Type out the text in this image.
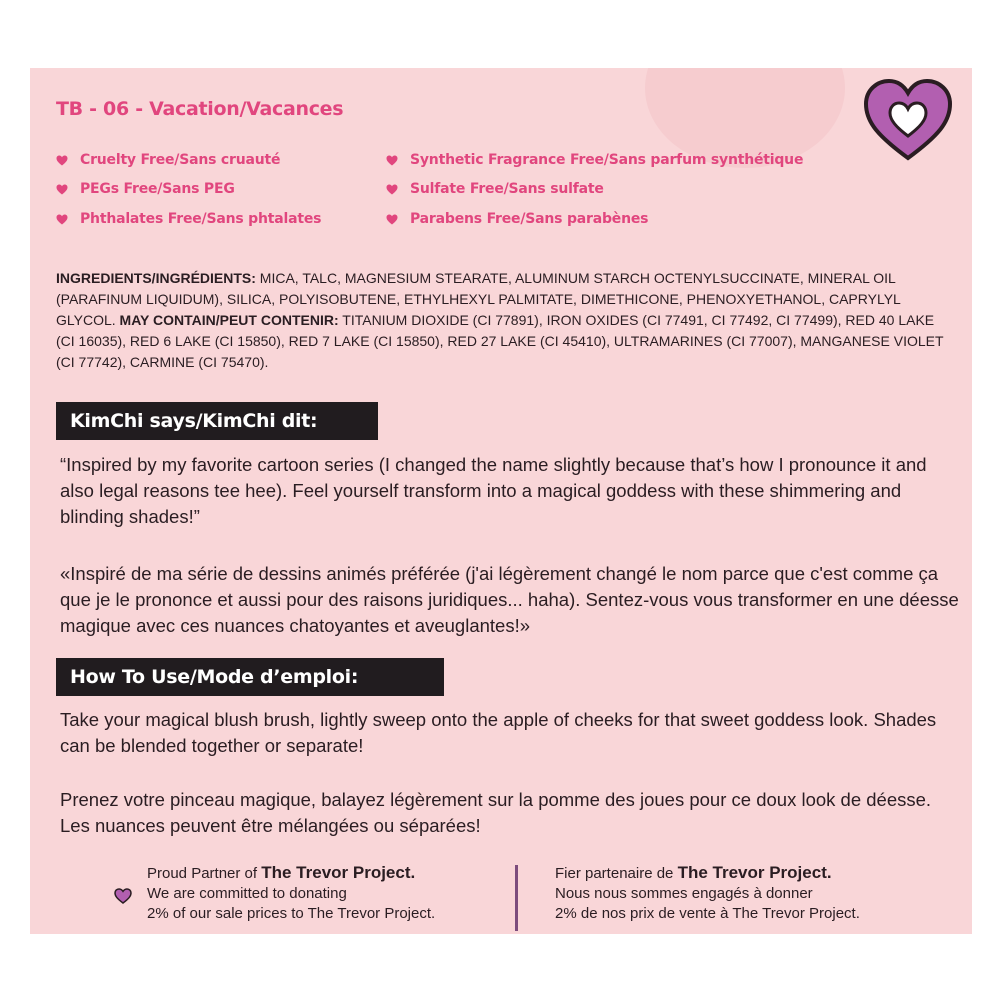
TB - 06 - Vacation/Vacances
Cruelty Free/Sans cruauté
PEGs Free/Sans PEG
Phthalates Free/Sans phtalates
Synthetic Fragrance Free/Sans parfum synthétique
Sulfate Free/Sans sulfate
Parabens Free/Sans parabènes

INGREDIENTS/INGRÉDIENTS: MICA, TALC, MAGNESIUM STEARATE, ALUMINUM STARCH OCTENYLSUCCINATE, MINERAL OIL (PARAFINUM LIQUIDUM), SILICA, POLYISOBUTENE, ETHYLHEXYL PALMITATE, DIMETHICONE, PHENOXYETHANOL, CAPRYLYL GLYCOL. MAY CONTAIN/PEUT CONTENIR: TITANIUM DIOXIDE (CI 77891), IRON OXIDES (CI 77491, CI 77492, CI 77499), RED 40 LAKE (CI 16035), RED 6 LAKE (CI 15850), RED 7 LAKE (CI 15850), RED 27 LAKE (CI 45410), ULTRAMARINES (CI 77007), MANGANESE VIOLET (CI 77742), CARMINE (CI 75470).

KimChi says/KimChi dit:

“Inspired by my favorite cartoon series (I changed the name slightly because that’s how I pronounce it and also legal reasons tee hee). Feel yourself transform into a magical goddess with these shimmering and blinding shades!”

«Inspiré de ma série de dessins animés préférée (j'ai légèrement changé le nom parce que c'est comme ça que je le prononce et aussi pour des raisons juridiques... haha). Sentez-vous vous transformer en une déesse magique avec ces nuances chatoyantes et aveuglantes!»

How To Use/Mode d’emploi:

Take your magical blush brush, lightly sweep onto the apple of cheeks for that sweet goddess look. Shades can be blended together or separate!

Prenez votre pinceau magique, balayez légèrement sur la pomme des joues pour ce doux look de déesse. Les nuances peuvent être mélangées ou séparées!

Proud Partner of The Trevor Project.
We are committed to donating
2% of our sale prices to The Trevor Project.
Fier partenaire de The Trevor Project.
Nous nous sommes engagés à donner
2% de nos prix de vente à The Trevor Project.
